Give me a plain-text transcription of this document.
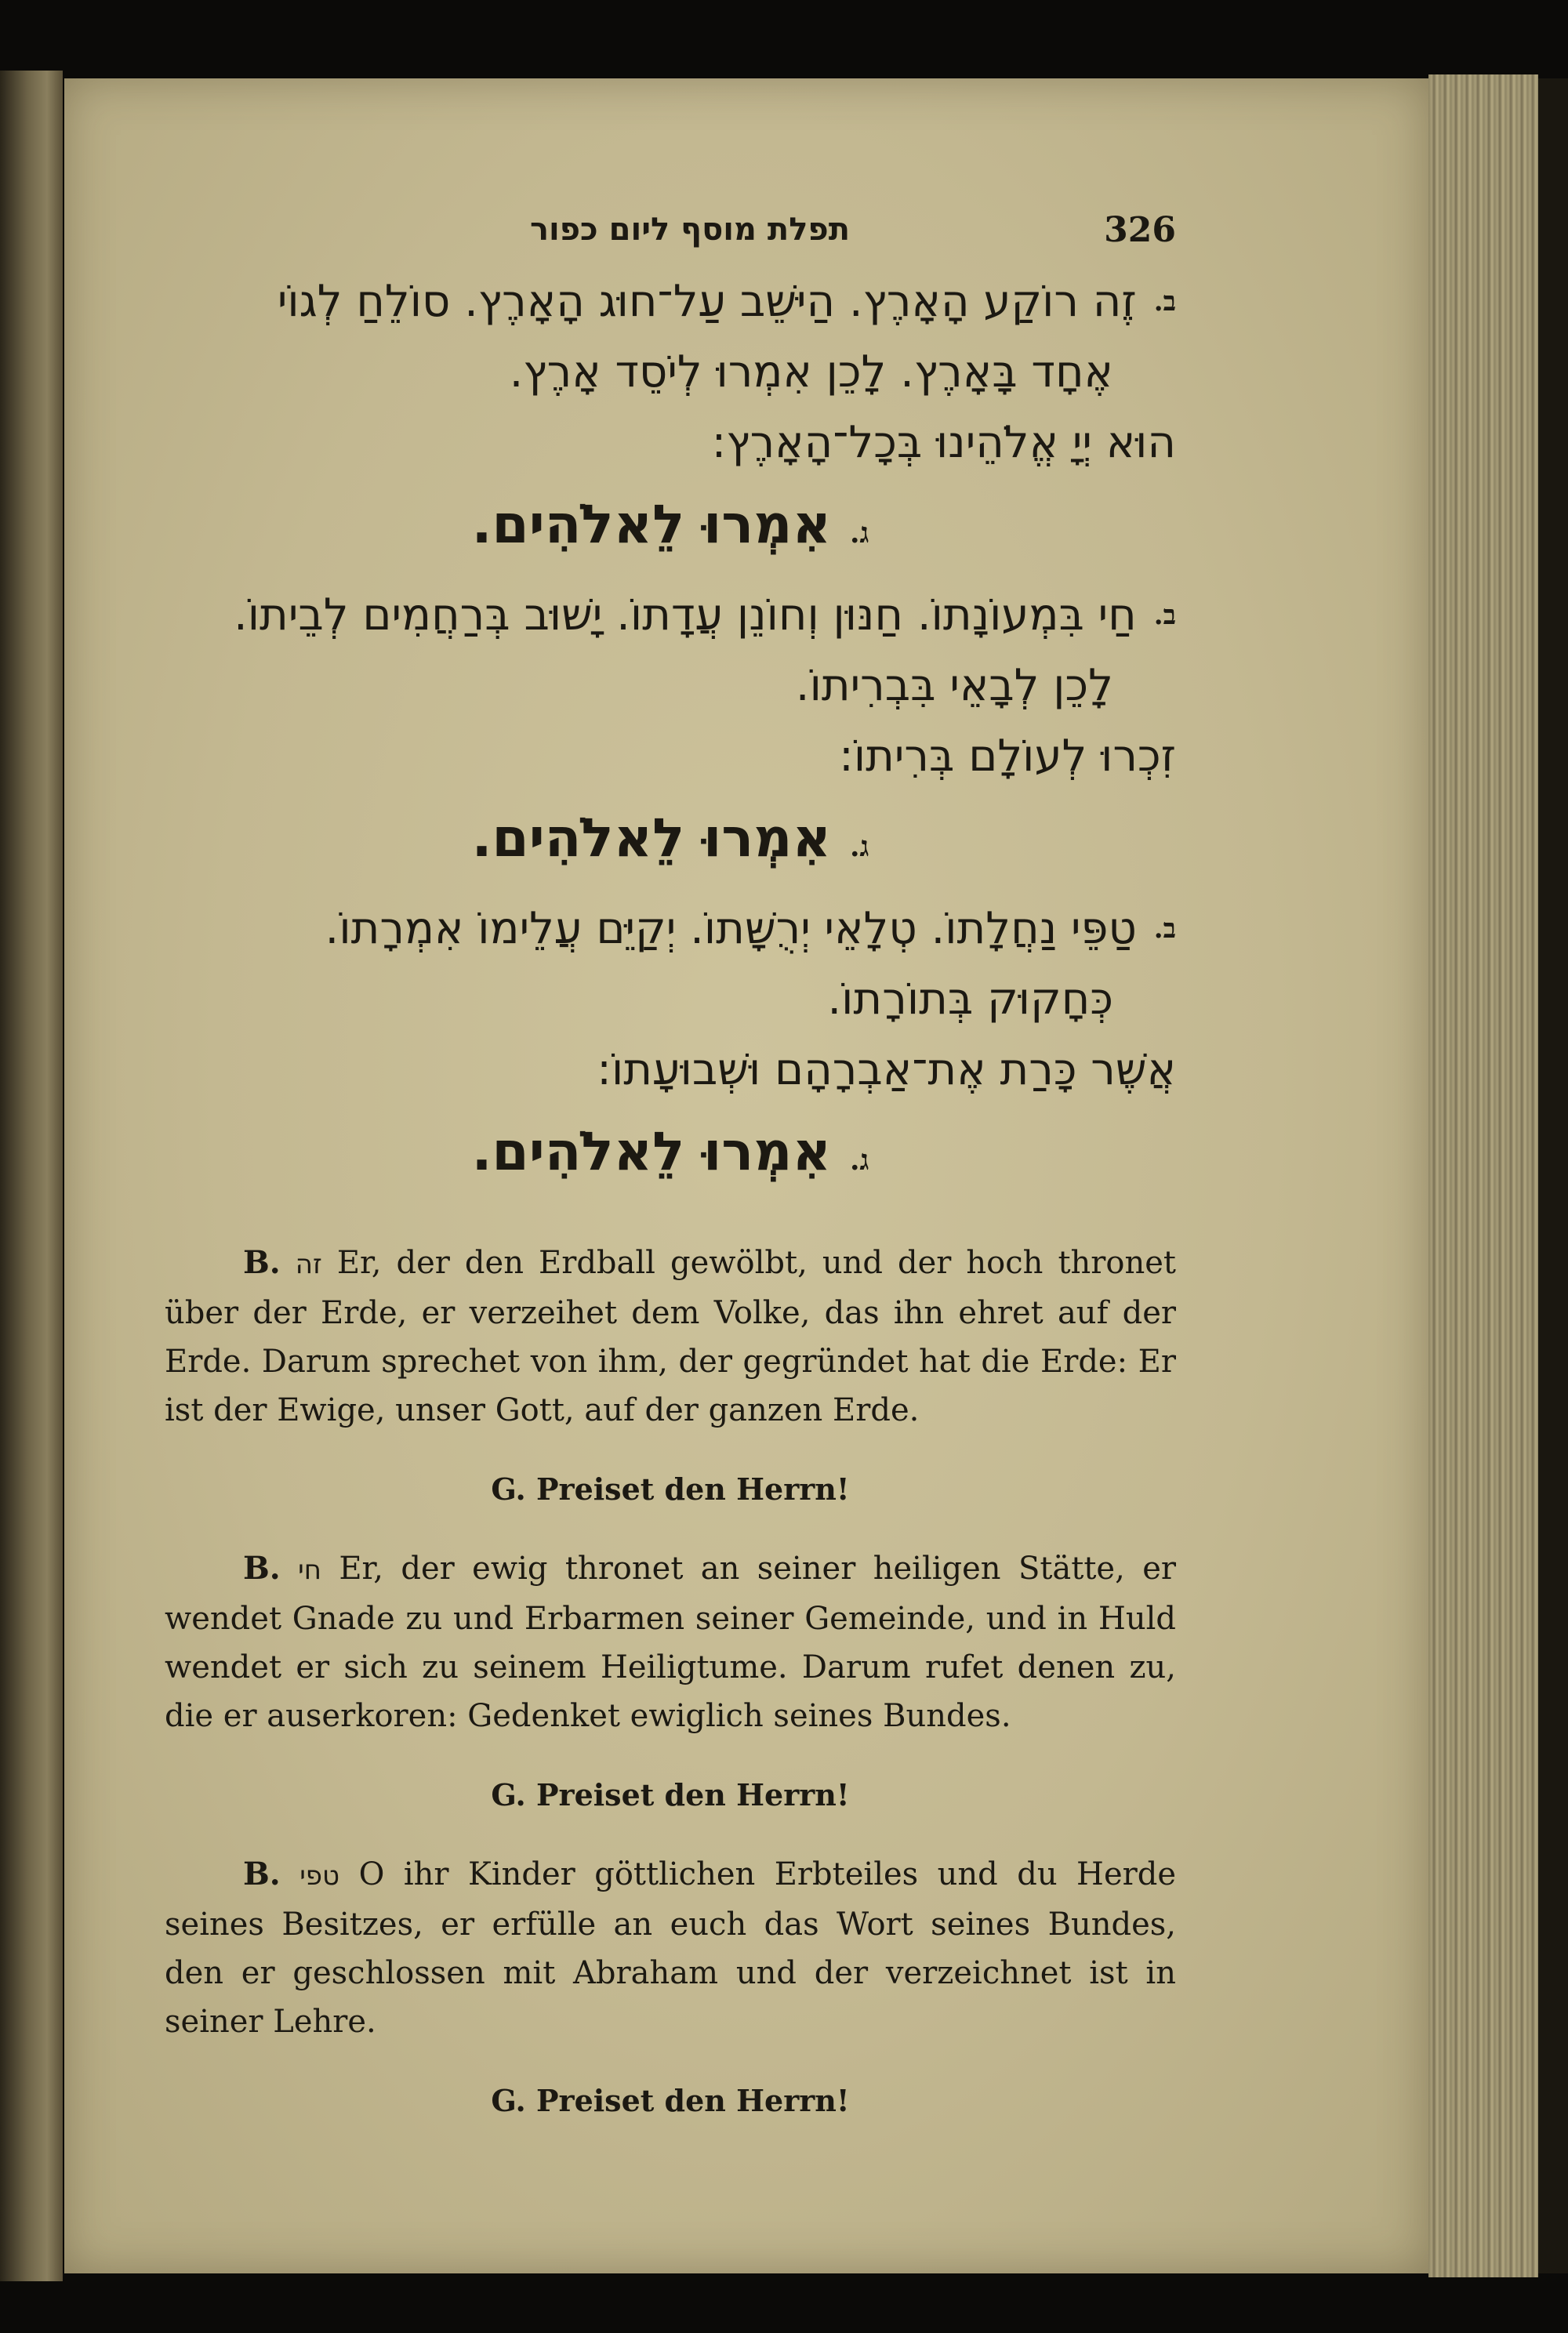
תפלת מוסף ליום כפור	326
$^{ב.}$זֶה רוֹקַע הָאָרֶץ. הַיּשֵׁב עַל־חוּג הָאָרֶץ. סוֹלֵחַ לְגוֹי
אֶחָד בָּאָרֶץ. לָכֵן אִמְרוּ לְיֹסֵד אָרֶץ.
הוּא יְיָ אֱלֹהֵינוּ בְּכָל־הָאָרֶץ:
ג.אִמְרוּ לֵאלֹהִים.
$^{ב.}$חַי בִּמְעוֹנָתוֹ. חַנּוּן וְחוֹנֵן עֲדָתוֹ. יָשׁוּב בְּרַחֲמִים לְבֵיתוֹ.
לָכֵן לְבָאֵי בִּבְרִיתוֹ.
זִכְרוּ לְעוֹלָם בְּרִיתוֹ:
ג.אִמְרוּ לֵאלֹהִים.
$^{ב.}$טַפֵּי נַחֲלָתוֹ. טְלָאֵי יְרֻשָּׁתוֹ. יְקַיֵּם עֲלֵימוֹ אִמְרָתוֹ.
כְּחָקוּק בְּתוֹרָתוֹ.
אֲשֶׁר כָּרַת אֶת־אַבְרָהָם וּשְׁבוּעָתוֹ:
ג.אִמְרוּ לֵאלֹהִים.

B. זה Er, der den Erdball gewölbt, und der hoch thronet über der Erde, er verzeihet dem Volke, das ihn ehret auf der Erde. Darum sprechet von ihm, der gegründet hat die Erde: Er ist der Ewige, unser Gott, auf der ganzen Erde.

G. Preiset den Herrn!

B. חי Er, der ewig thronet an seiner heiligen Stätte, er wendet Gnade zu und Erbarmen seiner Gemeinde, und in Huld wendet er sich zu seinem Heiligtume. Darum rufet denen zu, die er auserkoren: Gedenket ewiglich seines Bundes.

G. Preiset den Herrn!

B. טפי O ihr Kinder göttlichen Erbteiles und du Herde seines Besitzes, er erfülle an euch das Wort seines Bundes, den er geschlossen mit Abraham und der verzeichnet ist in seiner Lehre.

G. Preiset den Herrn!
